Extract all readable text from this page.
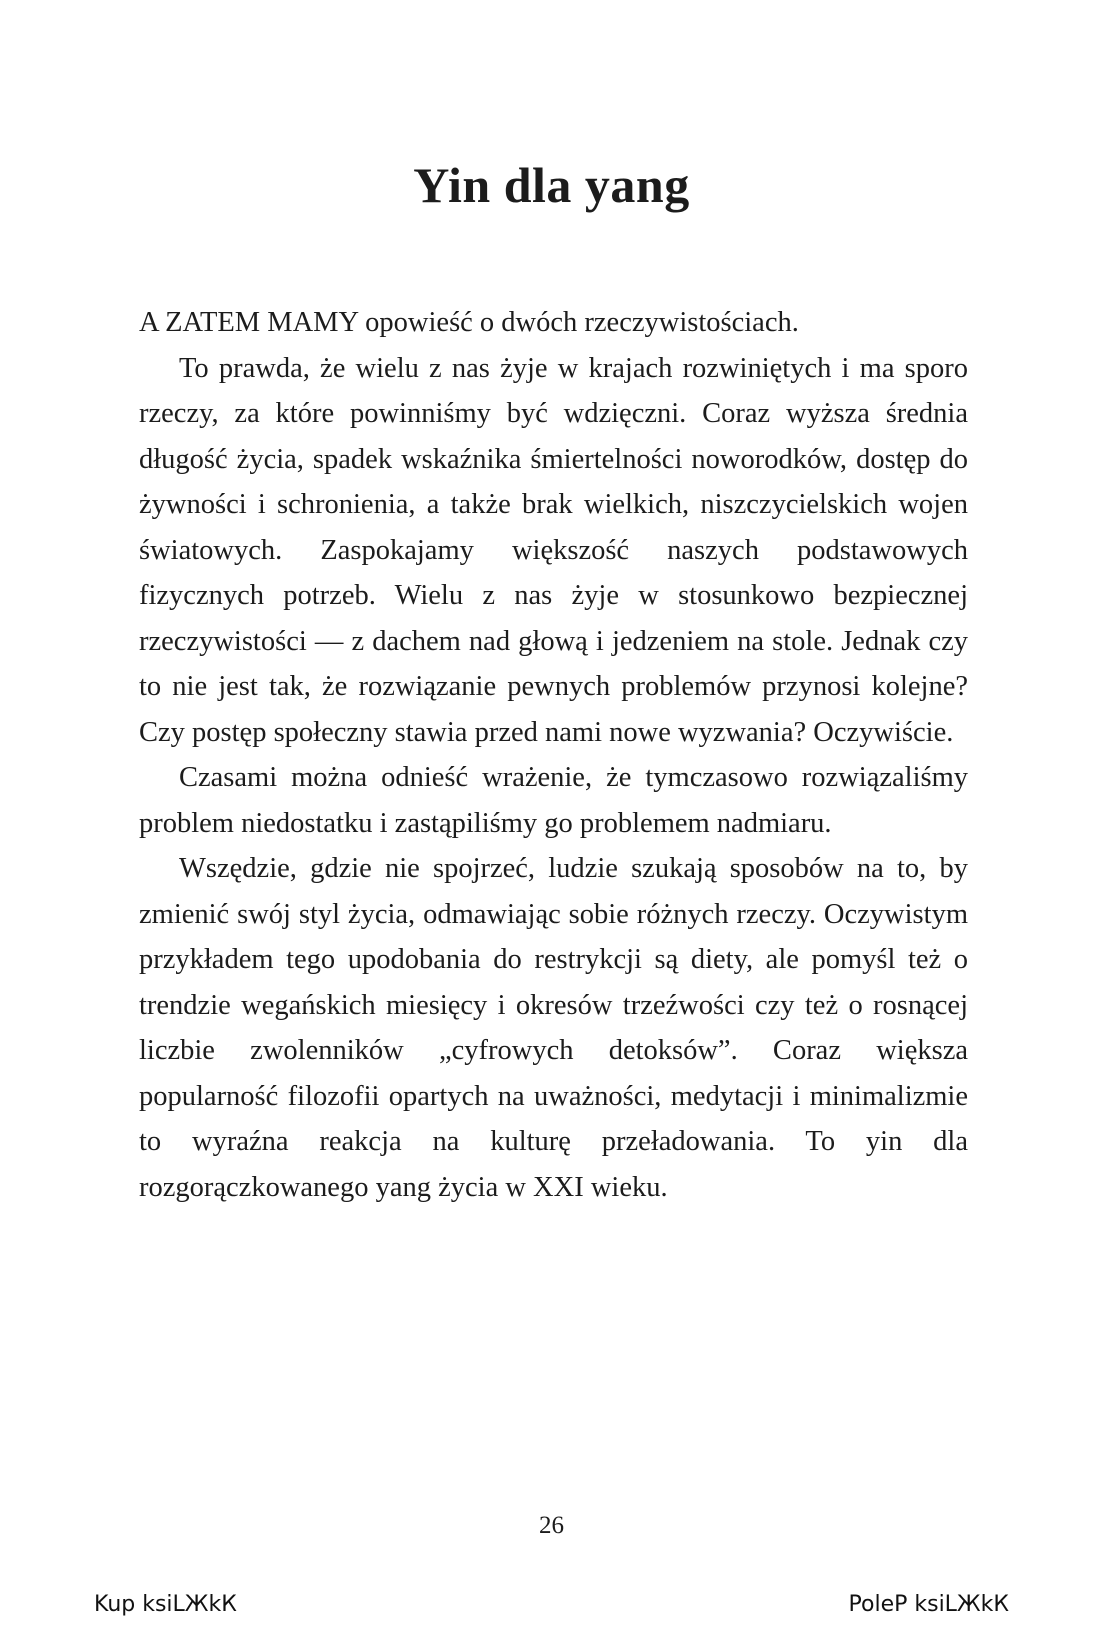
Yin dla yang

A ZATEM MAMY opowieść o dwóch rzeczywistościach.

To prawda, że wielu z nas żyje w krajach rozwiniętych i ma sporo rzeczy, za które powinniśmy być wdzięczni. Coraz wyższa średnia długość życia, spadek wskaźnika śmiertelności noworodków, dostęp do żywności i schronienia, a także brak wielkich, niszczycielskich wojen światowych. Zaspokajamy większość naszych podstawowych fizycznych potrzeb. Wielu z nas żyje w stosunkowo bezpiecznej rzeczywistości — z dachem nad głową i jedzeniem na stole. Jednak czy to nie jest tak, że rozwiązanie pewnych problemów przynosi kolejne? Czy postęp społeczny stawia przed nami nowe wyzwania? Oczywiście.

Czasami można odnieść wrażenie, że tymczasowo rozwiązaliśmy problem niedostatku i zastąpiliśmy go problemem nadmiaru.

Wszędzie, gdzie nie spojrzeć, ludzie szukają sposobów na to, by zmienić swój styl życia, odmawiając sobie różnych rzeczy. Oczywistym przykładem tego upodobania do restrykcji są diety, ale pomyśl też o trendzie wegańskich miesięcy i okresów trzeźwości czy też o rosnącej liczbie zwolenników „cyfrowych detoksów”. Coraz większa popularność filozofii opartych na uważności, medytacji i minimalizmie to wyraźna reakcja na kulturę przeładowania. To yin dla rozgorączkowanego yang życia w XXI wieku.

26
Kup ksiLЖkК	PoleР ksiLЖkК
